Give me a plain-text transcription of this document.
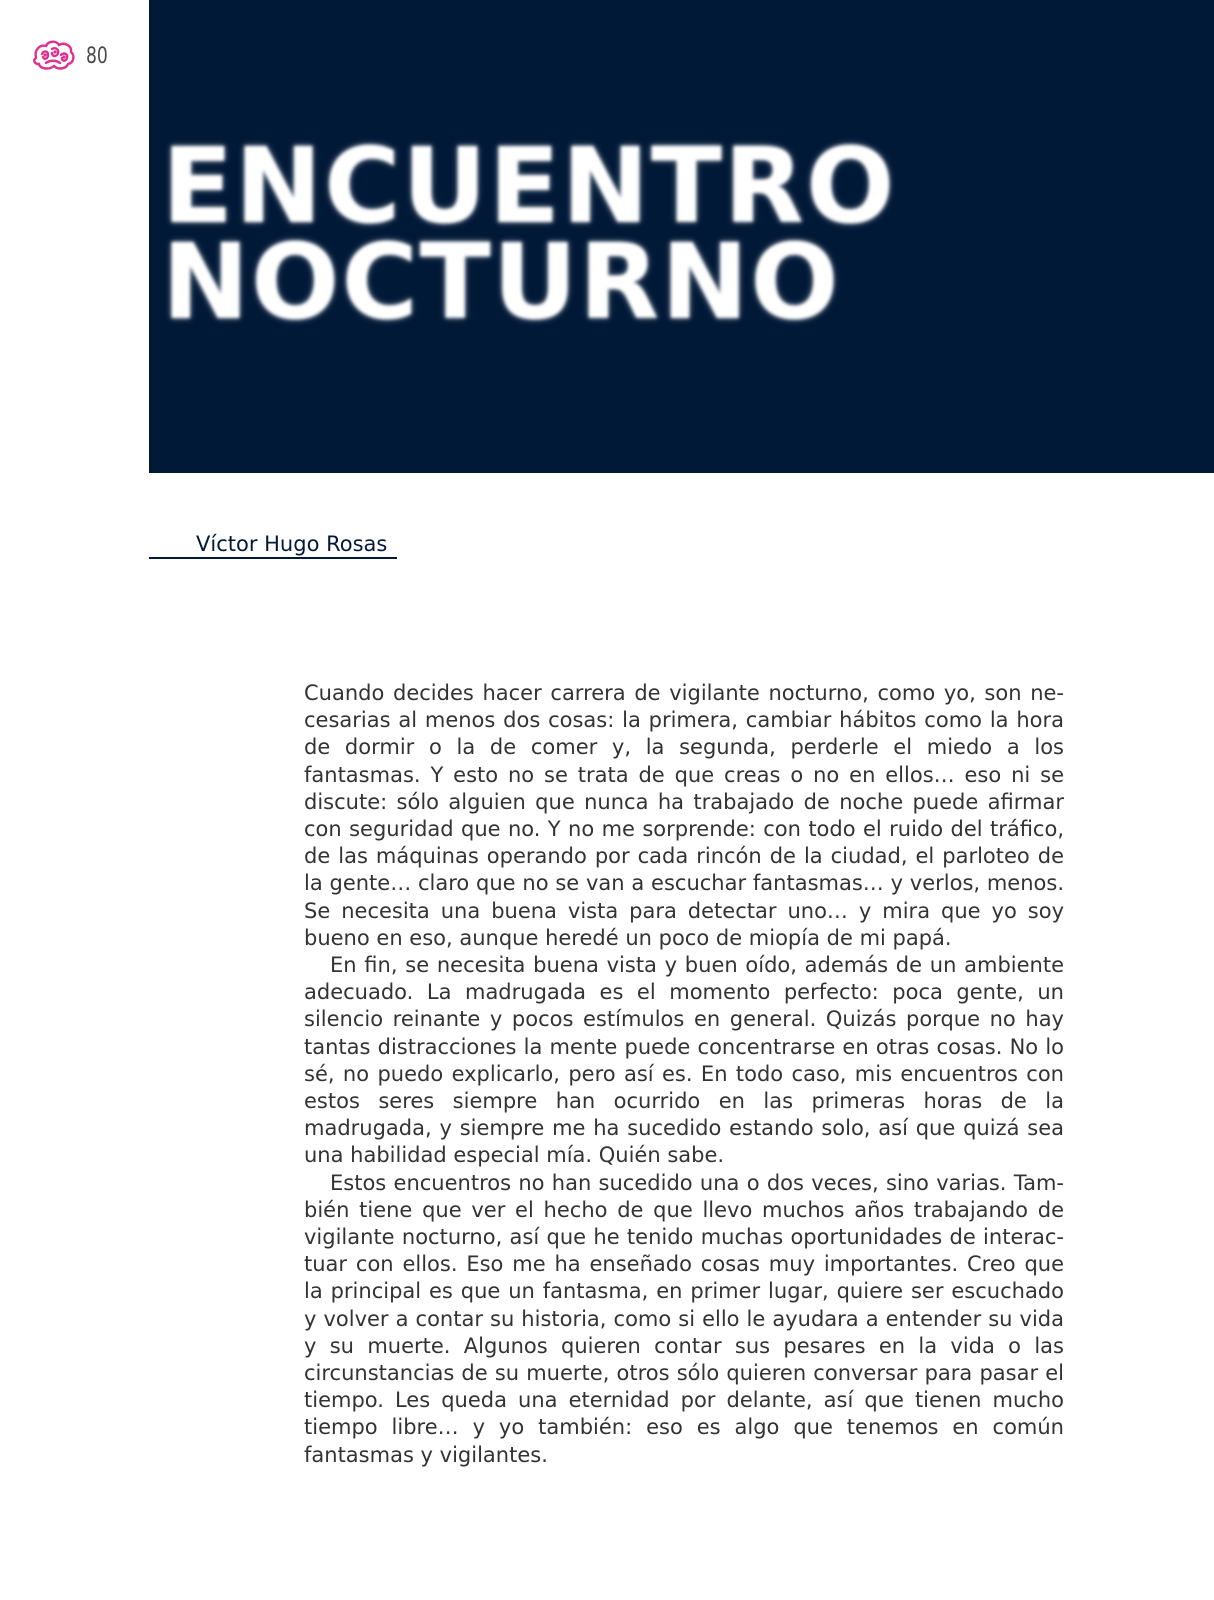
80
ENCUENTRO
NOCTURNO
Víctor Hugo Rosas

Cuando decides hacer carrera de vigilante nocturno, como yo, son necesarias al menos dos cosas: la primera, cambiar hábitos como la hora de dormir o la de comer y, la segunda, perderle el miedo a los fantasmas. Y esto no se trata de que creas o no en ellos… eso ni se discute: sólo alguien que nunca ha trabajado de noche puede afirmar con seguridad que no. Y no me sorprende: con todo el ruido del tráfico, de las máquinas operando por cada rincón de la ciudad, el parloteo de la gente… claro que no se van a escuchar fantasmas… y verlos, menos. Se necesita una buena vista para detectar uno… y mira que yo soy bueno en eso, aunque heredé un poco de miopía de mi papá.

En fin, se necesita buena vista y buen oído, además de un ambiente adecuado. La madrugada es el momento perfecto: poca gente, un silencio reinante y pocos estímulos en general. Quizás porque no hay tantas distracciones la mente puede concentrarse en otras cosas. No lo sé, no puedo explicarlo, pero así es. En todo caso, mis encuentros con estos seres siempre han ocurrido en las primeras horas de la madrugada, y siempre me ha sucedido estando solo, así que quizá sea una habilidad especial mía. Quién sabe.

Estos encuentros no han sucedido una o dos veces, sino varias. También tiene que ver el hecho de que llevo muchos años trabajando de vigilante nocturno, así que he tenido muchas oportunidades de interactuar con ellos. Eso me ha enseñado cosas muy importantes. Creo que la principal es que un fantasma, en primer lugar, quiere ser escuchado y volver a contar su historia, como si ello le ayudara a entender su vida y su muerte. Algunos quieren contar sus pesares en la vida o las circunstancias de su muerte, otros sólo quieren conversar para pasar el tiempo. Les queda una eternidad por delante, así que tienen mucho tiempo libre… y yo también: eso es algo que tenemos en común fantasmas y vigilantes.
